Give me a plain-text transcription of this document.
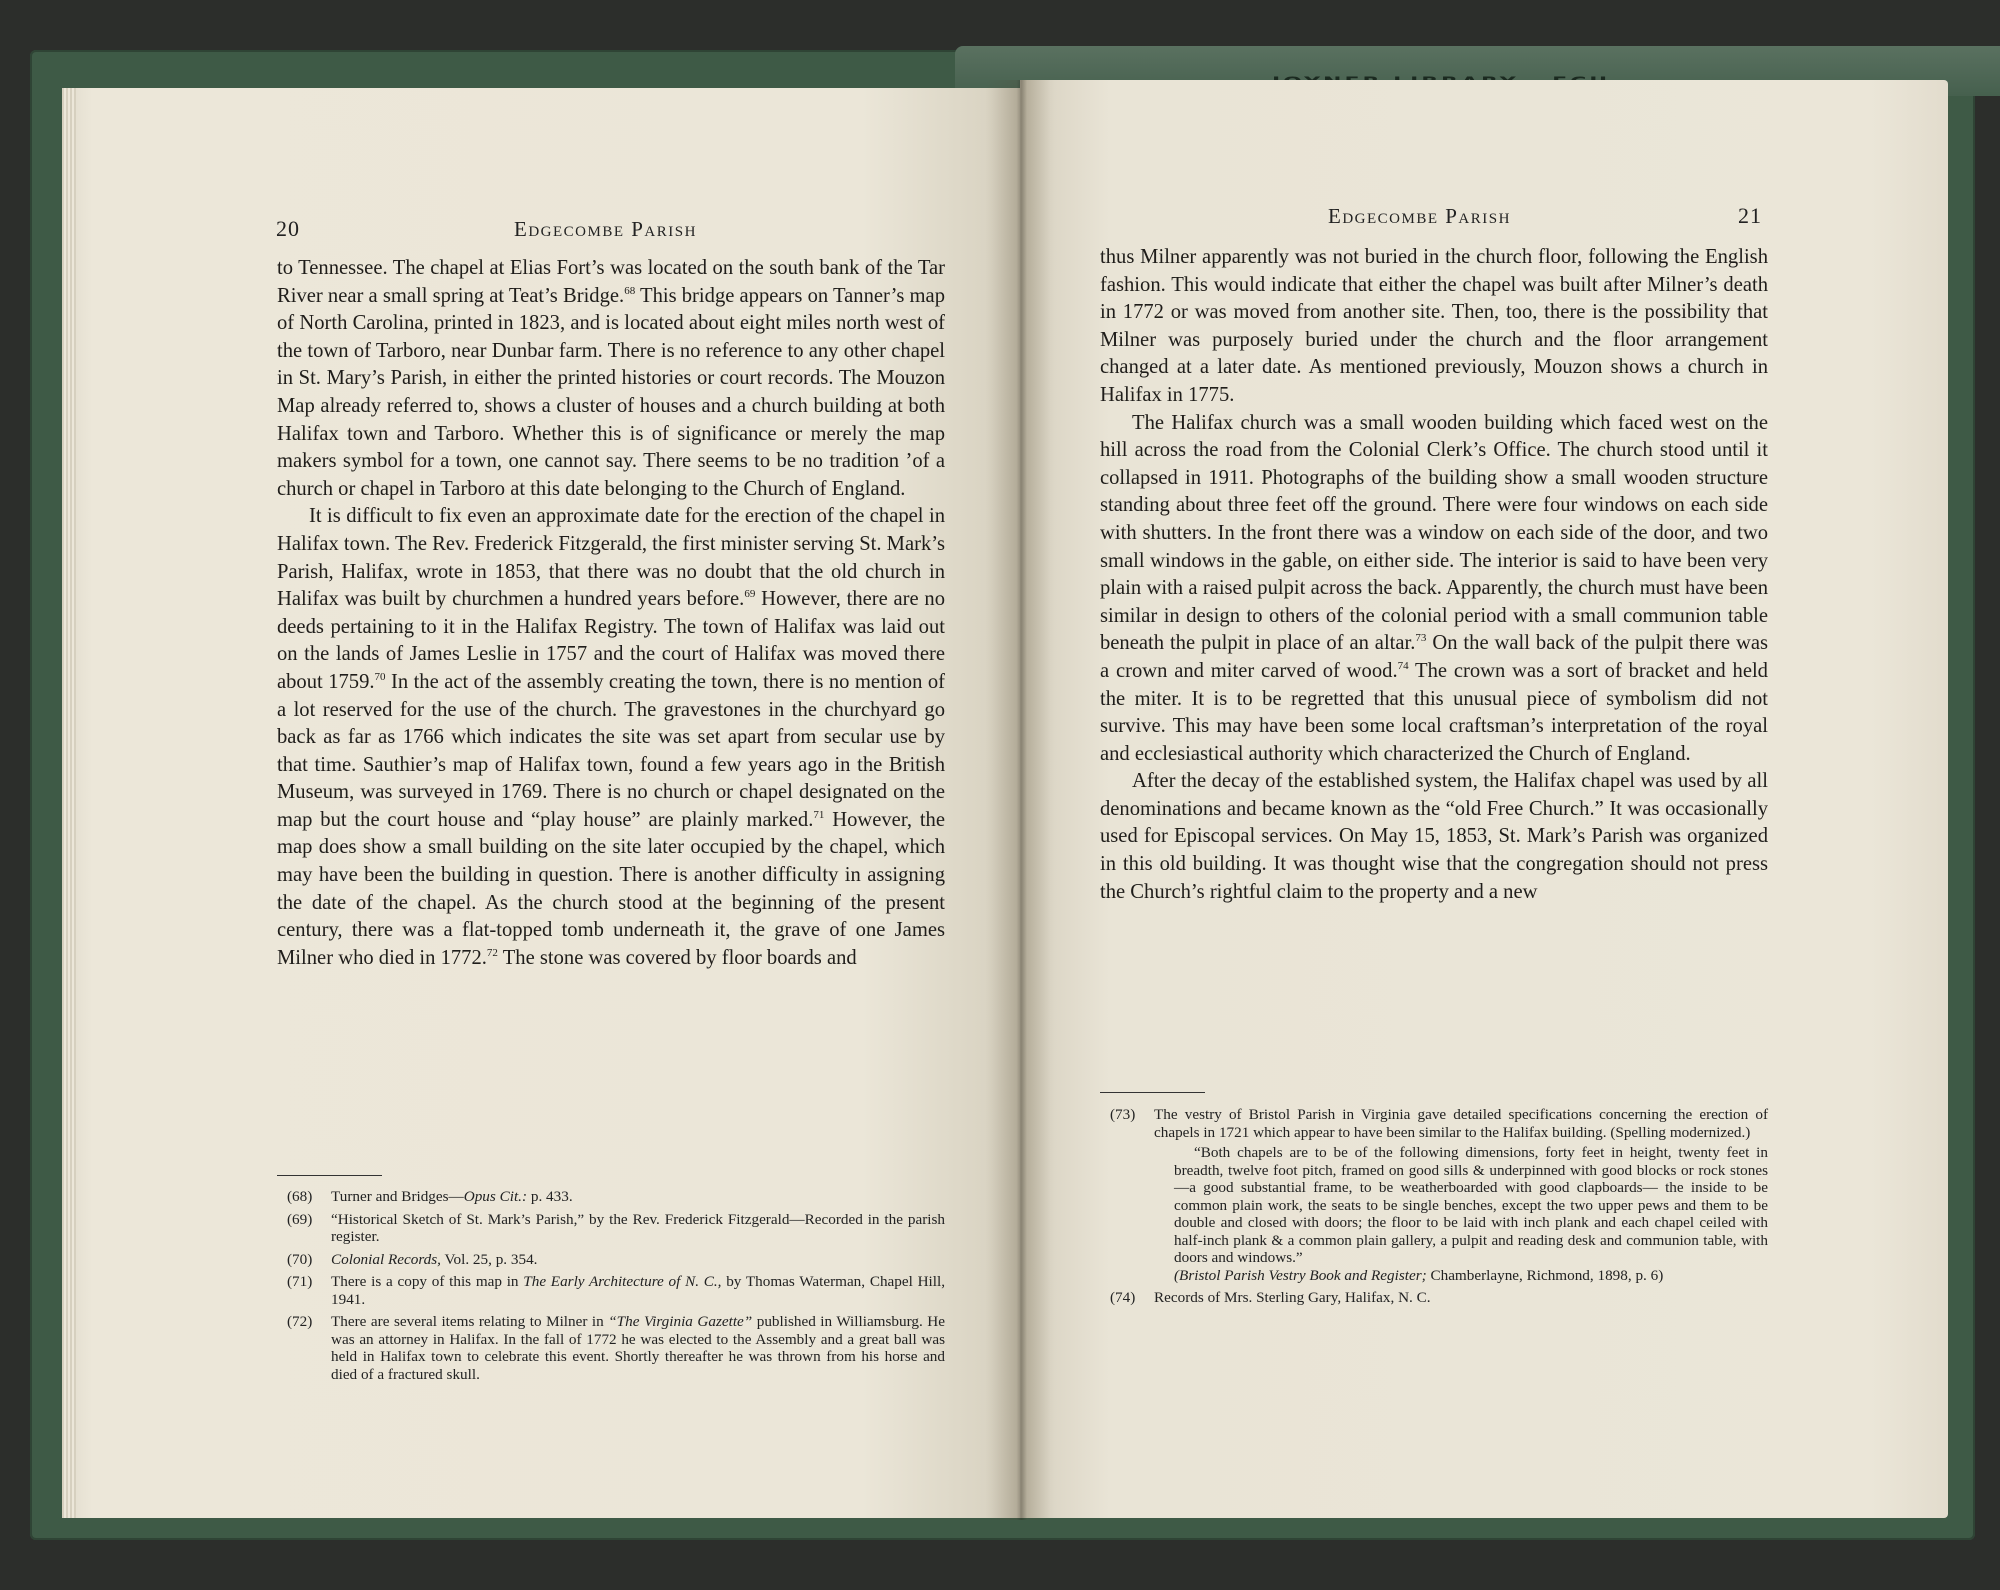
20	Edgecombe Parish

to Tennessee. The chapel at Elias Fort’s was located on the south bank of the Tar River near a small spring at Teat’s Bridge.$^{68}$ This bridge appears on Tanner’s map of North Carolina, printed in 1823, and is located about eight miles north west of the town of Tarboro, near Dunbar farm. There is no reference to any other chapel in St. Mary’s Parish, in either the printed histories or court records. The Mouzon Map already referred to, shows a cluster of houses and a church building at both Halifax town and Tarboro. Whether this is of significance or merely the map makers symbol for a town, one cannot say. There seems to be no tradition ’of a church or chapel in Tarboro at this date belonging to the Church of England.

It is difficult to fix even an approximate date for the erection of the chapel in Halifax town. The Rev. Frederick Fitzgerald, the first minister serving St. Mark’s Parish, Halifax, wrote in 1853, that there was no doubt that the old church in Halifax was built by churchmen a hundred years before.$^{69}$ However, there are no deeds pertaining to it in the Halifax Registry. The town of Halifax was laid out on the lands of James Leslie in 1757 and the court of Halifax was moved there about 1759.70 In the act of the assembly creating the town, there is no mention of a lot reserved for the use of the church. The gravestones in the churchyard go back as far as 1766 which indicates the site was set apart from secular use by that time. Sauthier’s map of Halifax town, found a few years ago in the British Museum, was surveyed in 1769. There is no church or chapel designated on the map but the court house and “play house” are plainly marked.$^{71}$ However, the map does show a small building on the site later occupied by the chapel, which may have been the building in question. There is another difficulty in assigning the date of the chapel. As the church stood at the beginning of the present century, there was a flat-topped tomb underneath it, the grave of one James Milner who died in 1772.72 The stone was covered by floor boards and

(68)	Turner and Bridges—Opus Cit.: p. 433.
(69)	“Historical Sketch of St. Mark’s Parish,” by the Rev. Frederick Fitzgerald—Recorded in the parish register.
(70)	Colonial Records, Vol. 25, p. 354.
(71)	There is a copy of this map in The Early Architecture of N. C., by Thomas Waterman, Chapel Hill, 1941.
(72)	There are several items relating to Milner in “The Virginia Gazette” published in Williamsburg. He was an attorney in Halifax. In the fall of 1772 he was elected to the Assembly and a great ball was held in Halifax town to celebrate this event. Shortly thereafter he was thrown from his horse and died of a fractured skull.
Edgecombe Parish	21

thus Milner apparently was not buried in the church floor, following the English fashion. This would indicate that either the chapel was built after Milner’s death in 1772 or was moved from another site. Then, too, there is the possibility that Milner was purposely buried under the church and the floor arrangement changed at a later date. As mentioned previously, Mouzon shows a church in Halifax in 1775.

The Halifax church was a small wooden building which faced west on the hill across the road from the Colonial Clerk’s Office. The church stood until it collapsed in 1911. Photographs of the building show a small wooden structure standing about three feet off the ground. There were four windows on each side with shutters. In the front there was a window on each side of the door, and two small windows in the gable, on either side. The interior is said to have been very plain with a raised pulpit across the back. Apparently, the church must have been similar in design to others of the colonial period with a small communion table beneath the pulpit in place of an altar.$^{73}$ On the wall back of the pulpit there was a crown and miter carved of wood.$^{74}$ The crown was a sort of bracket and held the miter. It is to be regretted that this unusual piece of symbolism did not survive. This may have been some local craftsman’s interpretation of the royal and ecclesiastical authority which characterized the Church of England.

After the decay of the established system, the Halifax chapel was used by all denominations and became known as the “old Free Church.” It was occasionally used for Episcopal services. On May 15, 1853, St. Mark’s Parish was organized in this old building. It was thought wise that the congregation should not press the Church’s rightful claim to the property and a new

(73)	The vestry of Bristol Parish in Virginia gave detailed specifications concerning the erection of chapels in 1721 which appear to have been similar to the Halifax building. (Spelling modernized.)
“Both chapels are to be of the following dimensions, forty feet in height, twenty feet in breadth, twelve foot pitch, framed on good sills & underpinned with good blocks or rock stones—a good substantial frame, to be weatherboarded with good clapboards— the inside to be common plain work, the seats to be single benches, except the two upper pews and them to be double and closed with doors; the floor to be laid with inch plank and each chapel ceiled with half-inch plank & a common plain gallery, a pulpit and reading desk and communion table, with doors and windows.”
(Bristol Parish Vestry Book and Register; Chamberlayne, Richmond, 1898, p. 6)
(74)	Records of Mrs. Sterling Gary, Halifax, N. C.
